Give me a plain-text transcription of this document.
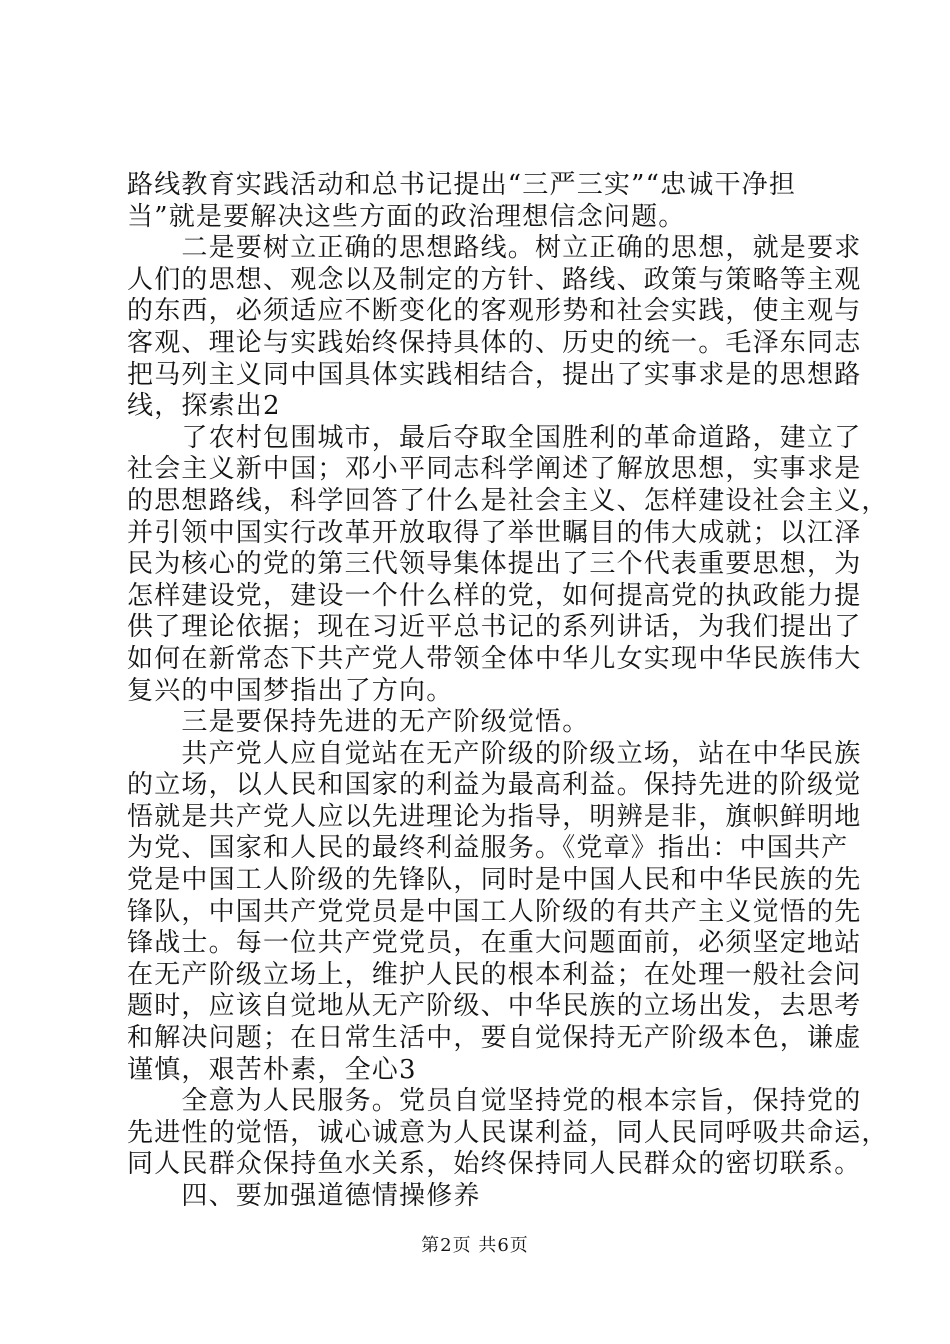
路线教育实践活动和总书记提出“三严三实”“忠诚干净担
当”就是要解决这些方面的政治理想信念问题。
　　二是要树立正确的思想路线。树立正确的思想，就是要求
人们的思想、观念以及制定的方针、路线、政策与策略等主观
的东西，必须适应不断变化的客观形势和社会实践，使主观与
客观、理论与实践始终保持具体的、历史的统一。毛泽东同志
把马列主义同中国具体实践相结合，提出了实事求是的思想路
线，探索出2
　　了农村包围城市，最后夺取全国胜利的革命道路，建立了
社会主义新中国；邓小平同志科学阐述了解放思想，实事求是
的思想路线，科学回答了什么是社会主义、怎样建设社会主义，
并引领中国实行改革开放取得了举世瞩目的伟大成就；以江泽
民为核心的党的第三代领导集体提出了三个代表重要思想，为
怎样建设党，建设一个什么样的党，如何提高党的执政能力提
供了理论依据；现在习近平总书记的系列讲话，为我们提出了
如何在新常态下共产党人带领全体中华儿女实现中华民族伟大
复兴的中国梦指出了方向。
　　三是要保持先进的无产阶级觉悟。
　　共产党人应自觉站在无产阶级的阶级立场，站在中华民族
的立场，以人民和国家的利益为最高利益。保持先进的阶级觉
悟就是共产党人应以先进理论为指导，明辨是非，旗帜鲜明地
为党、国家和人民的最终利益服务。《党章》指出：中国共产
党是中国工人阶级的先锋队，同时是中国人民和中华民族的先
锋队，中国共产党党员是中国工人阶级的有共产主义觉悟的先
锋战士。每一位共产党党员，在重大问题面前，必须坚定地站
在无产阶级立场上，维护人民的根本利益；在处理一般社会问
题时，应该自觉地从无产阶级、中华民族的立场出发，去思考
和解决问题；在日常生活中，要自觉保持无产阶级本色，谦虚
谨慎，艰苦朴素，全心3
　　全意为人民服务。党员自觉坚持党的根本宗旨，保持党的
先进性的觉悟，诚心诚意为人民谋利益，同人民同呼吸共命运，
同人民群众保持鱼水关系，始终保持同人民群众的密切联系。
　　四、要加强道德情操修养
第2页 共6页
